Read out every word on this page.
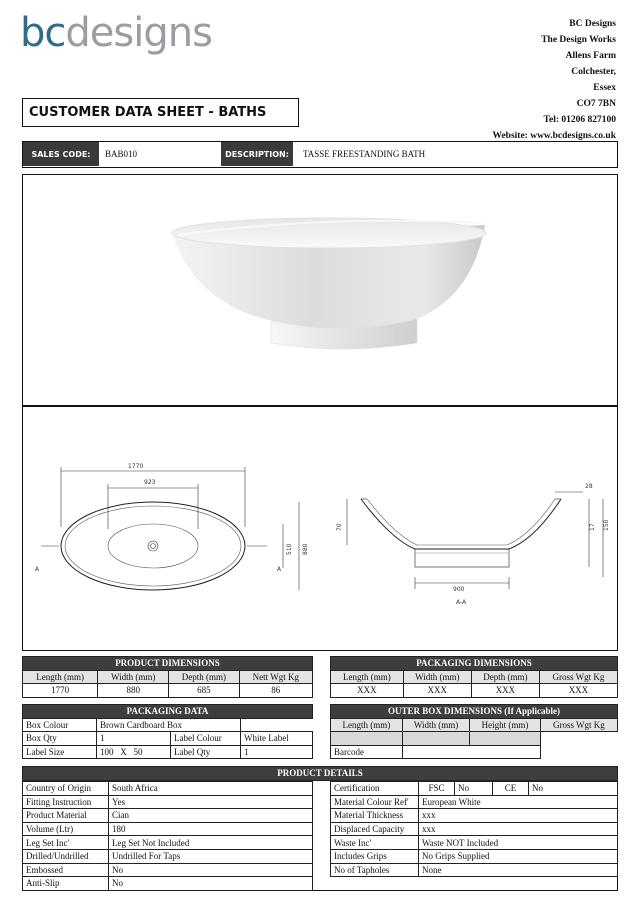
bcdesigns	BC Designs
The Design Works
Allens Farm
Colchester,
Essex
CO7 7BN
Tel: 01206 827100
Website: www.bcdesigns.co.uk
CUSTOMER DATA SHEET - BATHS
SALES CODE:	BAB010	DESCRIPTION:	TASSE FREESTANDING BATH
1770
923
510 880
A	A
900
A-A
70
28
17 150
PRODUCT DIMENSIONS			
Length (mm)	Width (mm)	Depth (mm)	Nett Wgt Kg
1770	880	685	86
PACKAGING DIMENSIONS			
Length (mm)	Width (mm)	Depth (mm)	Gross Wgt Kg
XXX	XXX	XXX	XXX
PACKAGING DATA			
Box Colour	Brown Cardboard Box		
Box Qty	1	Label Colour	White Label
Label Size	100   X   50	Label Qty	1
OUTER BOX DIMENSIONS (If Applicable)			
Length (mm)	Width (mm)	Height (mm)	Gross Wgt Kg

Barcode			
PRODUCT DETAILS
Country of Origin	South Africa
Fitting Instruction	Yes
Product Material	Cian
Volume (Ltr)	180
Leg Set Inc'	Leg Set Not Included
Drilled/Undrilled	Undrilled For Taps
Embossed	No
Anti-Slip	No
Certification	FSC	No	CE	No
Material Colour Ref'	European White			
Material Thickness	xxx			
Displaced Capacity	xxx			
Waste Inc'	Waste NOT Included			
Includes Grips	No Grips Supplied			
No of Tapholes	None			
